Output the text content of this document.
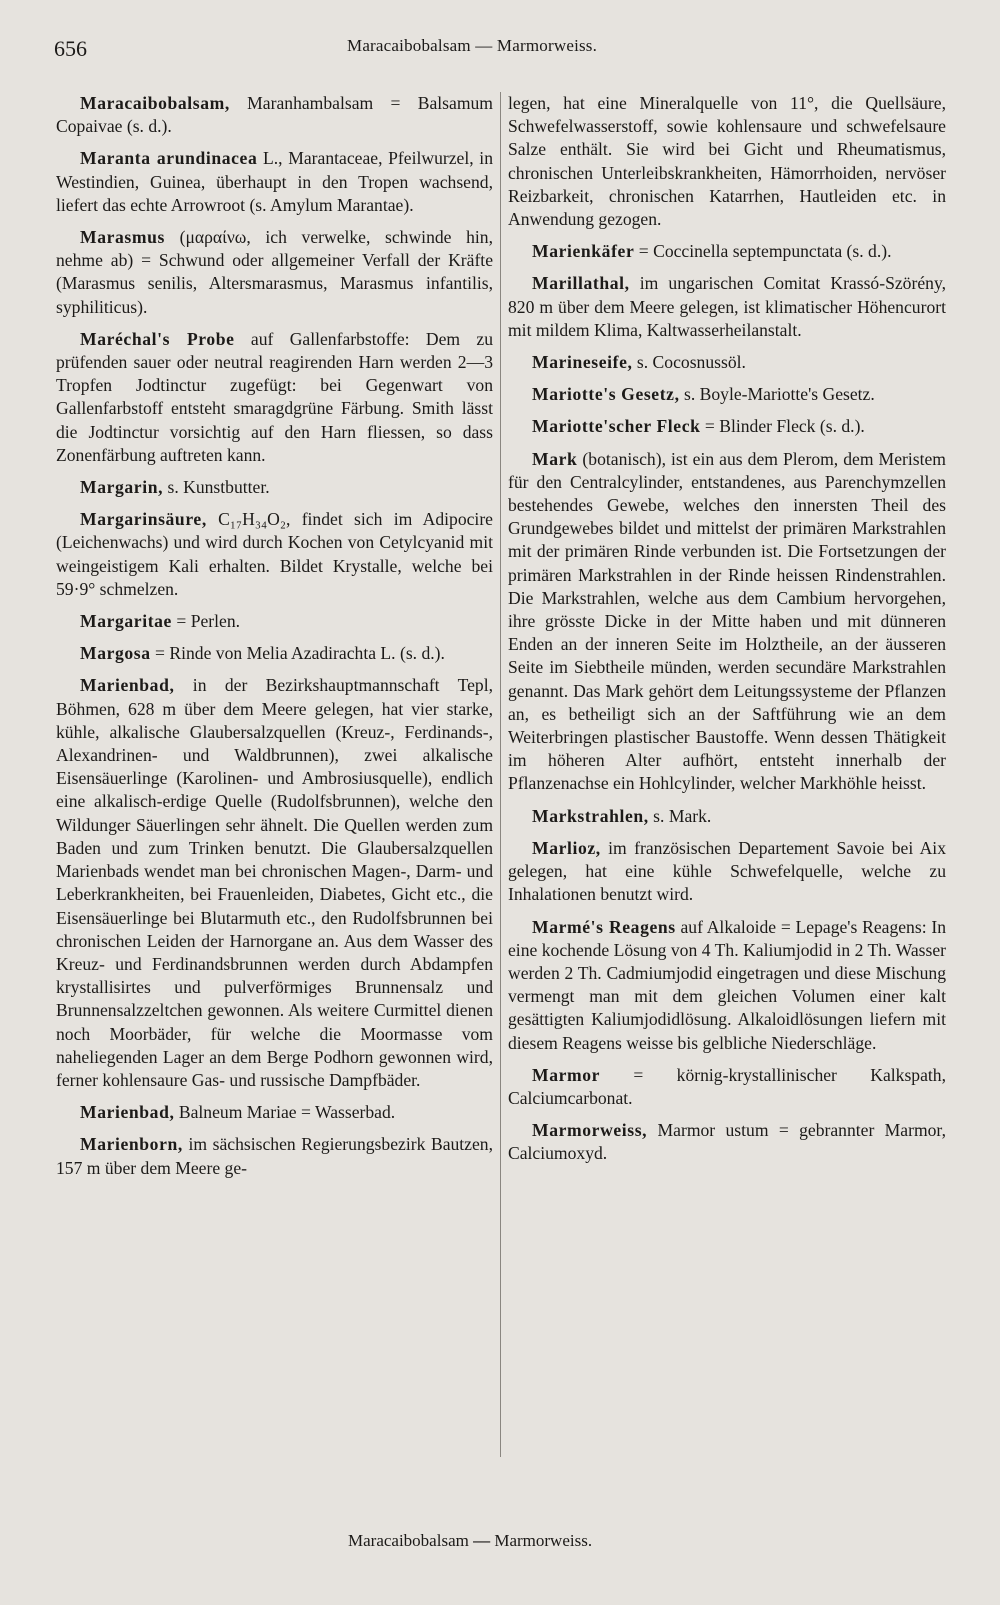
656	Maracaibobalsam — Marmorweiss.

Maracaibobalsam, Maranhambalsam = Balsamum Copaivae (s. d.).

Maranta arundinacea L., Marantaceae, Pfeilwurzel, in Westindien, Guinea, überhaupt in den Tropen wachsend, liefert das echte Arrowroot (s. Amylum Marantae).

Marasmus (μαραίνω, ich verwelke, schwinde hin, nehme ab) = Schwund oder allgemeiner Verfall der Kräfte (Marasmus senilis, Altersmarasmus, Marasmus infantilis, syphiliticus).

Maréchal's Probe auf Gallenfarbstoffe: Dem zu prüfenden sauer oder neutral reagirenden Harn werden 2—3 Tropfen Jodtinctur zugefügt: bei Gegenwart von Gallenfarbstoff entsteht smaragdgrüne Färbung. Smith lässt die Jodtinctur vorsichtig auf den Harn fliessen, so dass Zonenfärbung auftreten kann.

Margarin, s. Kunstbutter.

Margarinsäure, C₁₇H₃₄O₂, findet sich im Adipocire (Leichenwachs) und wird durch Kochen von Cetylcyanid mit weingeistigem Kali erhalten. Bildet Krystalle, welche bei 59·9° schmelzen.

Margaritae = Perlen.

Margosa = Rinde von Melia Azadirachta L. (s. d.).

Marienbad, in der Bezirkshauptmannschaft Tepl, Böhmen, 628 m über dem Meere gelegen, hat vier starke, kühle, alkalische Glaubersalzquellen (Kreuz-, Ferdinands-, Alexandrinen- und Waldbrunnen), zwei alkalische Eisensäuerlinge (Karolinen- und Ambrosiusquelle), endlich eine alkalisch-erdige Quelle (Rudolfsbrunnen), welche den Wildunger Säuerlingen sehr ähnelt. Die Quellen werden zum Baden und zum Trinken benutzt. Die Glaubersalzquellen Marienbads wendet man bei chronischen Magen-, Darm- und Leberkrankheiten, bei Frauenleiden, Diabetes, Gicht etc., die Eisensäuerlinge bei Blutarmuth etc., den Rudolfsbrunnen bei chronischen Leiden der Harnorgane an. Aus dem Wasser des Kreuz- und Ferdinandsbrunnen werden durch Abdampfen krystallisirtes und pulverförmiges Brunnensalz und Brunnensalzzeltchen gewonnen. Als weitere Curmittel dienen noch Moorbäder, für welche die Moormasse vom naheliegenden Lager an dem Berge Podhorn gewonnen wird, ferner kohlensaure Gas- und russische Dampfbäder.

Marienbad, Balneum Mariae = Wasserbad.

Marienborn, im sächsischen Regierungsbezirk Bautzen, 157 m über dem Meere ge-

legen, hat eine Mineralquelle von 11°, die Quellsäure, Schwefelwasserstoff, sowie kohlensaure und schwefelsaure Salze enthält. Sie wird bei Gicht und Rheumatismus, chronischen Unterleibskrankheiten, Hämorrhoiden, nervöser Reizbarkeit, chronischen Katarrhen, Hautleiden etc. in Anwendung gezogen.

Marienkäfer = Coccinella septempunctata (s. d.).

Marillathal, im ungarischen Comitat Krassó-Szörény, 820 m über dem Meere gelegen, ist klimatischer Höhencurort mit mildem Klima, Kaltwasserheilanstalt.

Marineseife, s. Cocosnussöl.

Mariotte's Gesetz, s. Boyle-Mariotte's Gesetz.

Mariotte'scher Fleck = Blinder Fleck (s. d.).

Mark (botanisch), ist ein aus dem Plerom, dem Meristem für den Centralcylinder, entstandenes, aus Parenchymzellen bestehendes Gewebe, welches den innersten Theil des Grundgewebes bildet und mittelst der primären Markstrahlen mit der primären Rinde verbunden ist. Die Fortsetzungen der primären Markstrahlen in der Rinde heissen Rindenstrahlen. Die Markstrahlen, welche aus dem Cambium hervorgehen, ihre grösste Dicke in der Mitte haben und mit dünneren Enden an der inneren Seite im Holztheile, an der äusseren Seite im Siebtheile münden, werden secundäre Markstrahlen genannt. Das Mark gehört dem Leitungssysteme der Pflanzen an, es betheiligt sich an der Saftführung wie an dem Weiterbringen plastischer Baustoffe. Wenn dessen Thätigkeit im höheren Alter aufhört, entsteht innerhalb der Pflanzenachse ein Hohlcylinder, welcher Markhöhle heisst.

Markstrahlen, s. Mark.

Marlioz, im französischen Departement Savoie bei Aix gelegen, hat eine kühle Schwefelquelle, welche zu Inhalationen benutzt wird.

Marmé's Reagens auf Alkaloide = Lepage's Reagens: In eine kochende Lösung von 4 Th. Kaliumjodid in 2 Th. Wasser werden 2 Th. Cadmiumjodid eingetragen und diese Mischung vermengt man mit dem gleichen Volumen einer kalt gesättigten Kaliumjodidlösung. Alkaloidlösungen liefern mit diesem Reagens weisse bis gelbliche Niederschläge.

Marmor = körnig-krystallinischer Kalkspath, Calciumcarbonat.

Marmorweiss, Marmor ustum = gebrannter Marmor, Calciumoxyd.

Maracaibobalsam — Marmorweiss.
